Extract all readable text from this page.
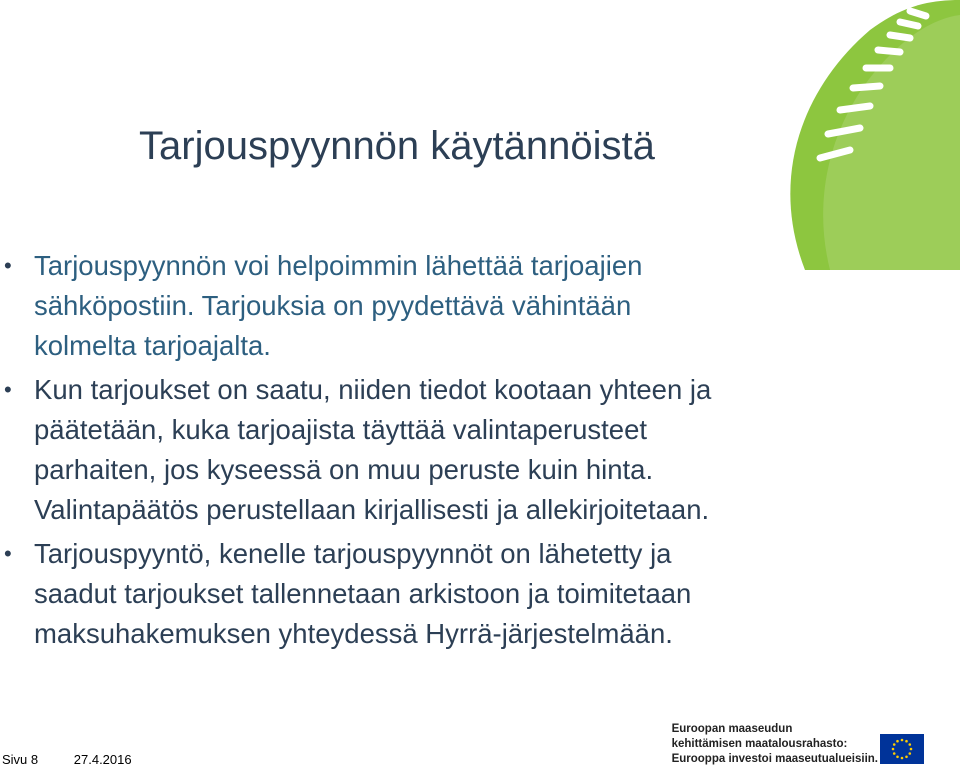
Tarjouspyynnön käytännöistä
• Tarjouspyynnön voi helpoimmin lähettää tarjoajien
sähköpostiin. Tarjouksia on pyydettävä vähintään
kolmelta tarjoajalta.
• Kun tarjoukset on saatu, niiden tiedot kootaan yhteen ja
päätetään, kuka tarjoajista täyttää valintaperusteet
parhaiten, jos kyseessä on muu peruste kuin hinta.
Valintapäätös perustellaan kirjallisesti ja allekirjoitetaan.
• Tarjouspyyntö, kenelle tarjouspyynnöt on lähetetty ja
saadut tarjoukset tallennetaan arkistoon ja toimitetaan
maksuhakemuksen yhteydessä Hyrrä-järjestelmään.
Sivu 8	27.4.2016
Euroopan maaseudun
kehittämisen maatalousrahasto:
Eurooppa investoi maaseutualueisiin.
